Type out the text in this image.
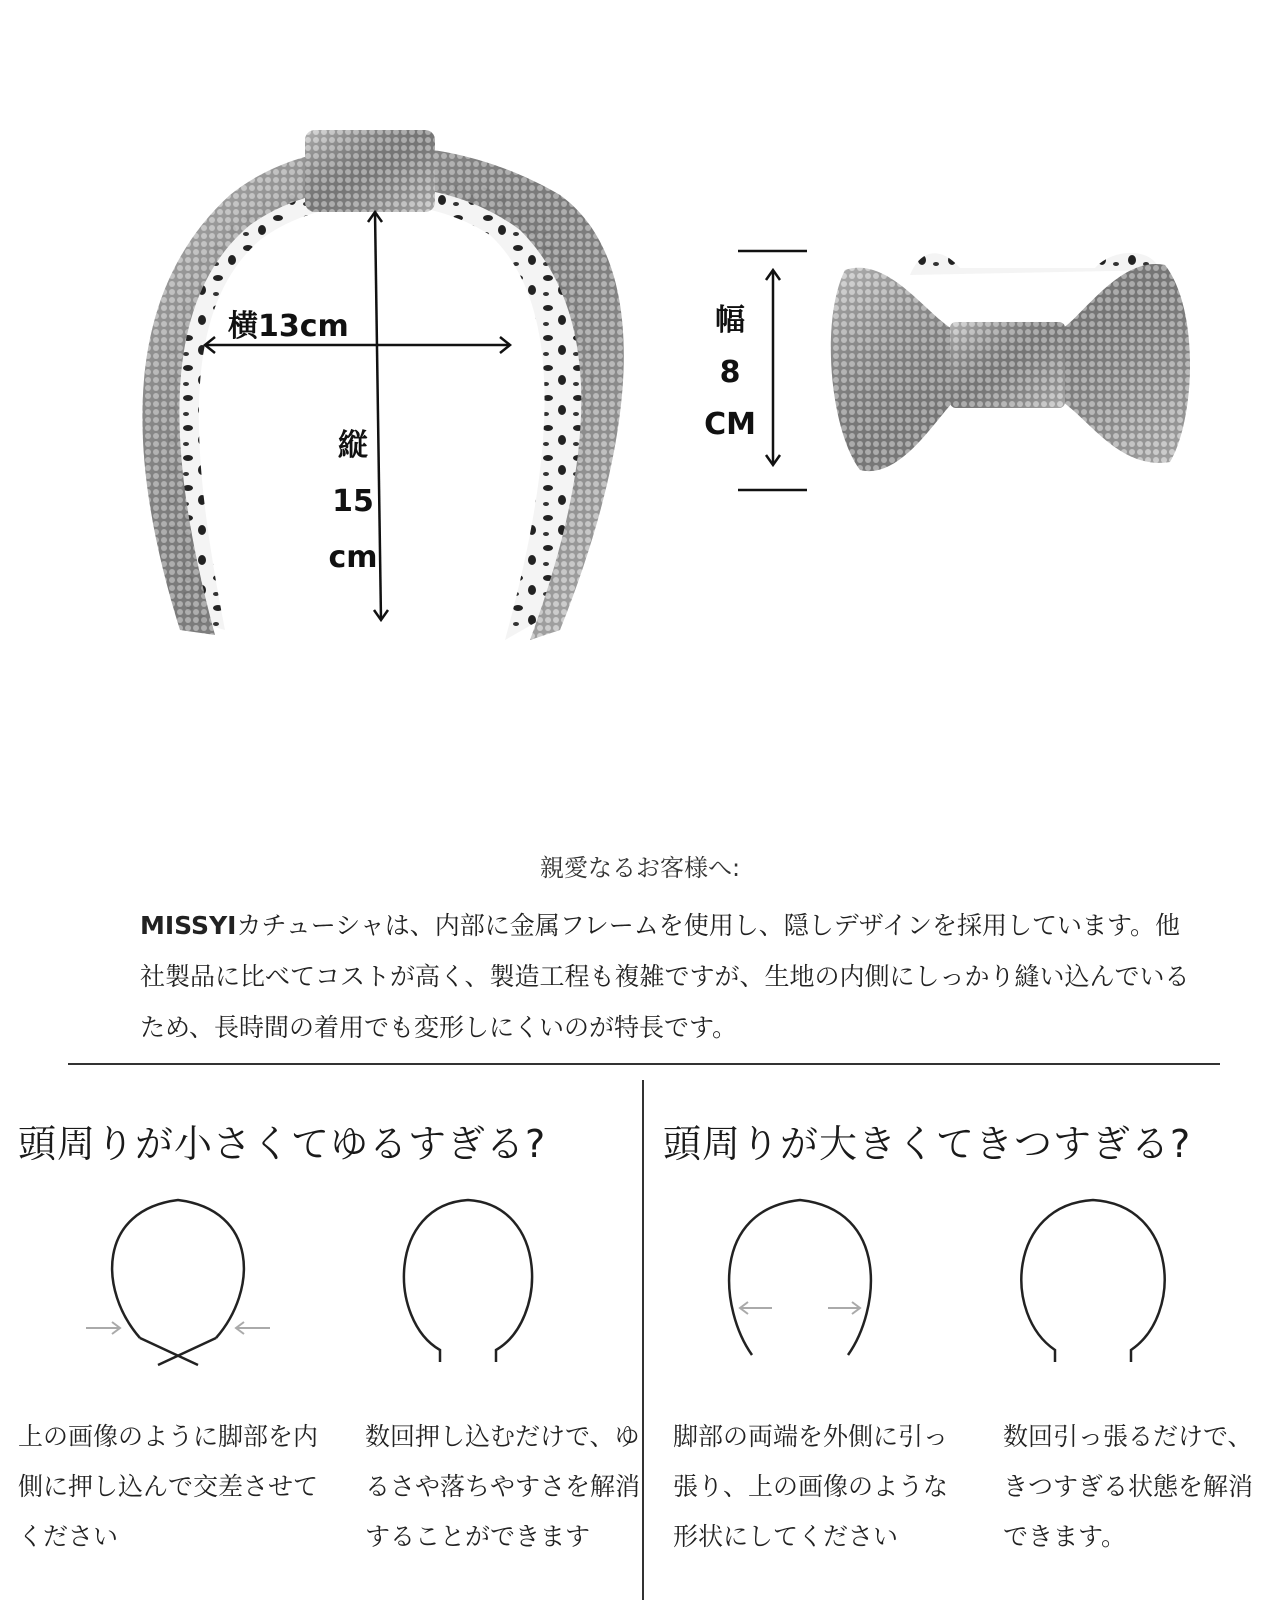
横13cm
縦
15
cm
幅
8
CM
親愛なるお客様へ:
MISSYIカチューシャは、内部に金属フレームを使用し、隠しデザインを採用しています。他社製品に比べてコストが高く、製造工程も複雑ですが、生地の内側にしっかり縫い込んでいるため、長時間の着用でも変形しにくいのが特長です。
頭周りが小さくてゆるすぎる?	頭周りが大きくてきつすぎる?
上の画像のように脚部を内側に押し込んで交差させてください
数回押し込むだけで、ゆるさや落ちやすさを解消することができます
脚部の両端を外側に引っ張り、上の画像のような形状にしてください
数回引っ張るだけで、きつすぎる状態を解消できます。
